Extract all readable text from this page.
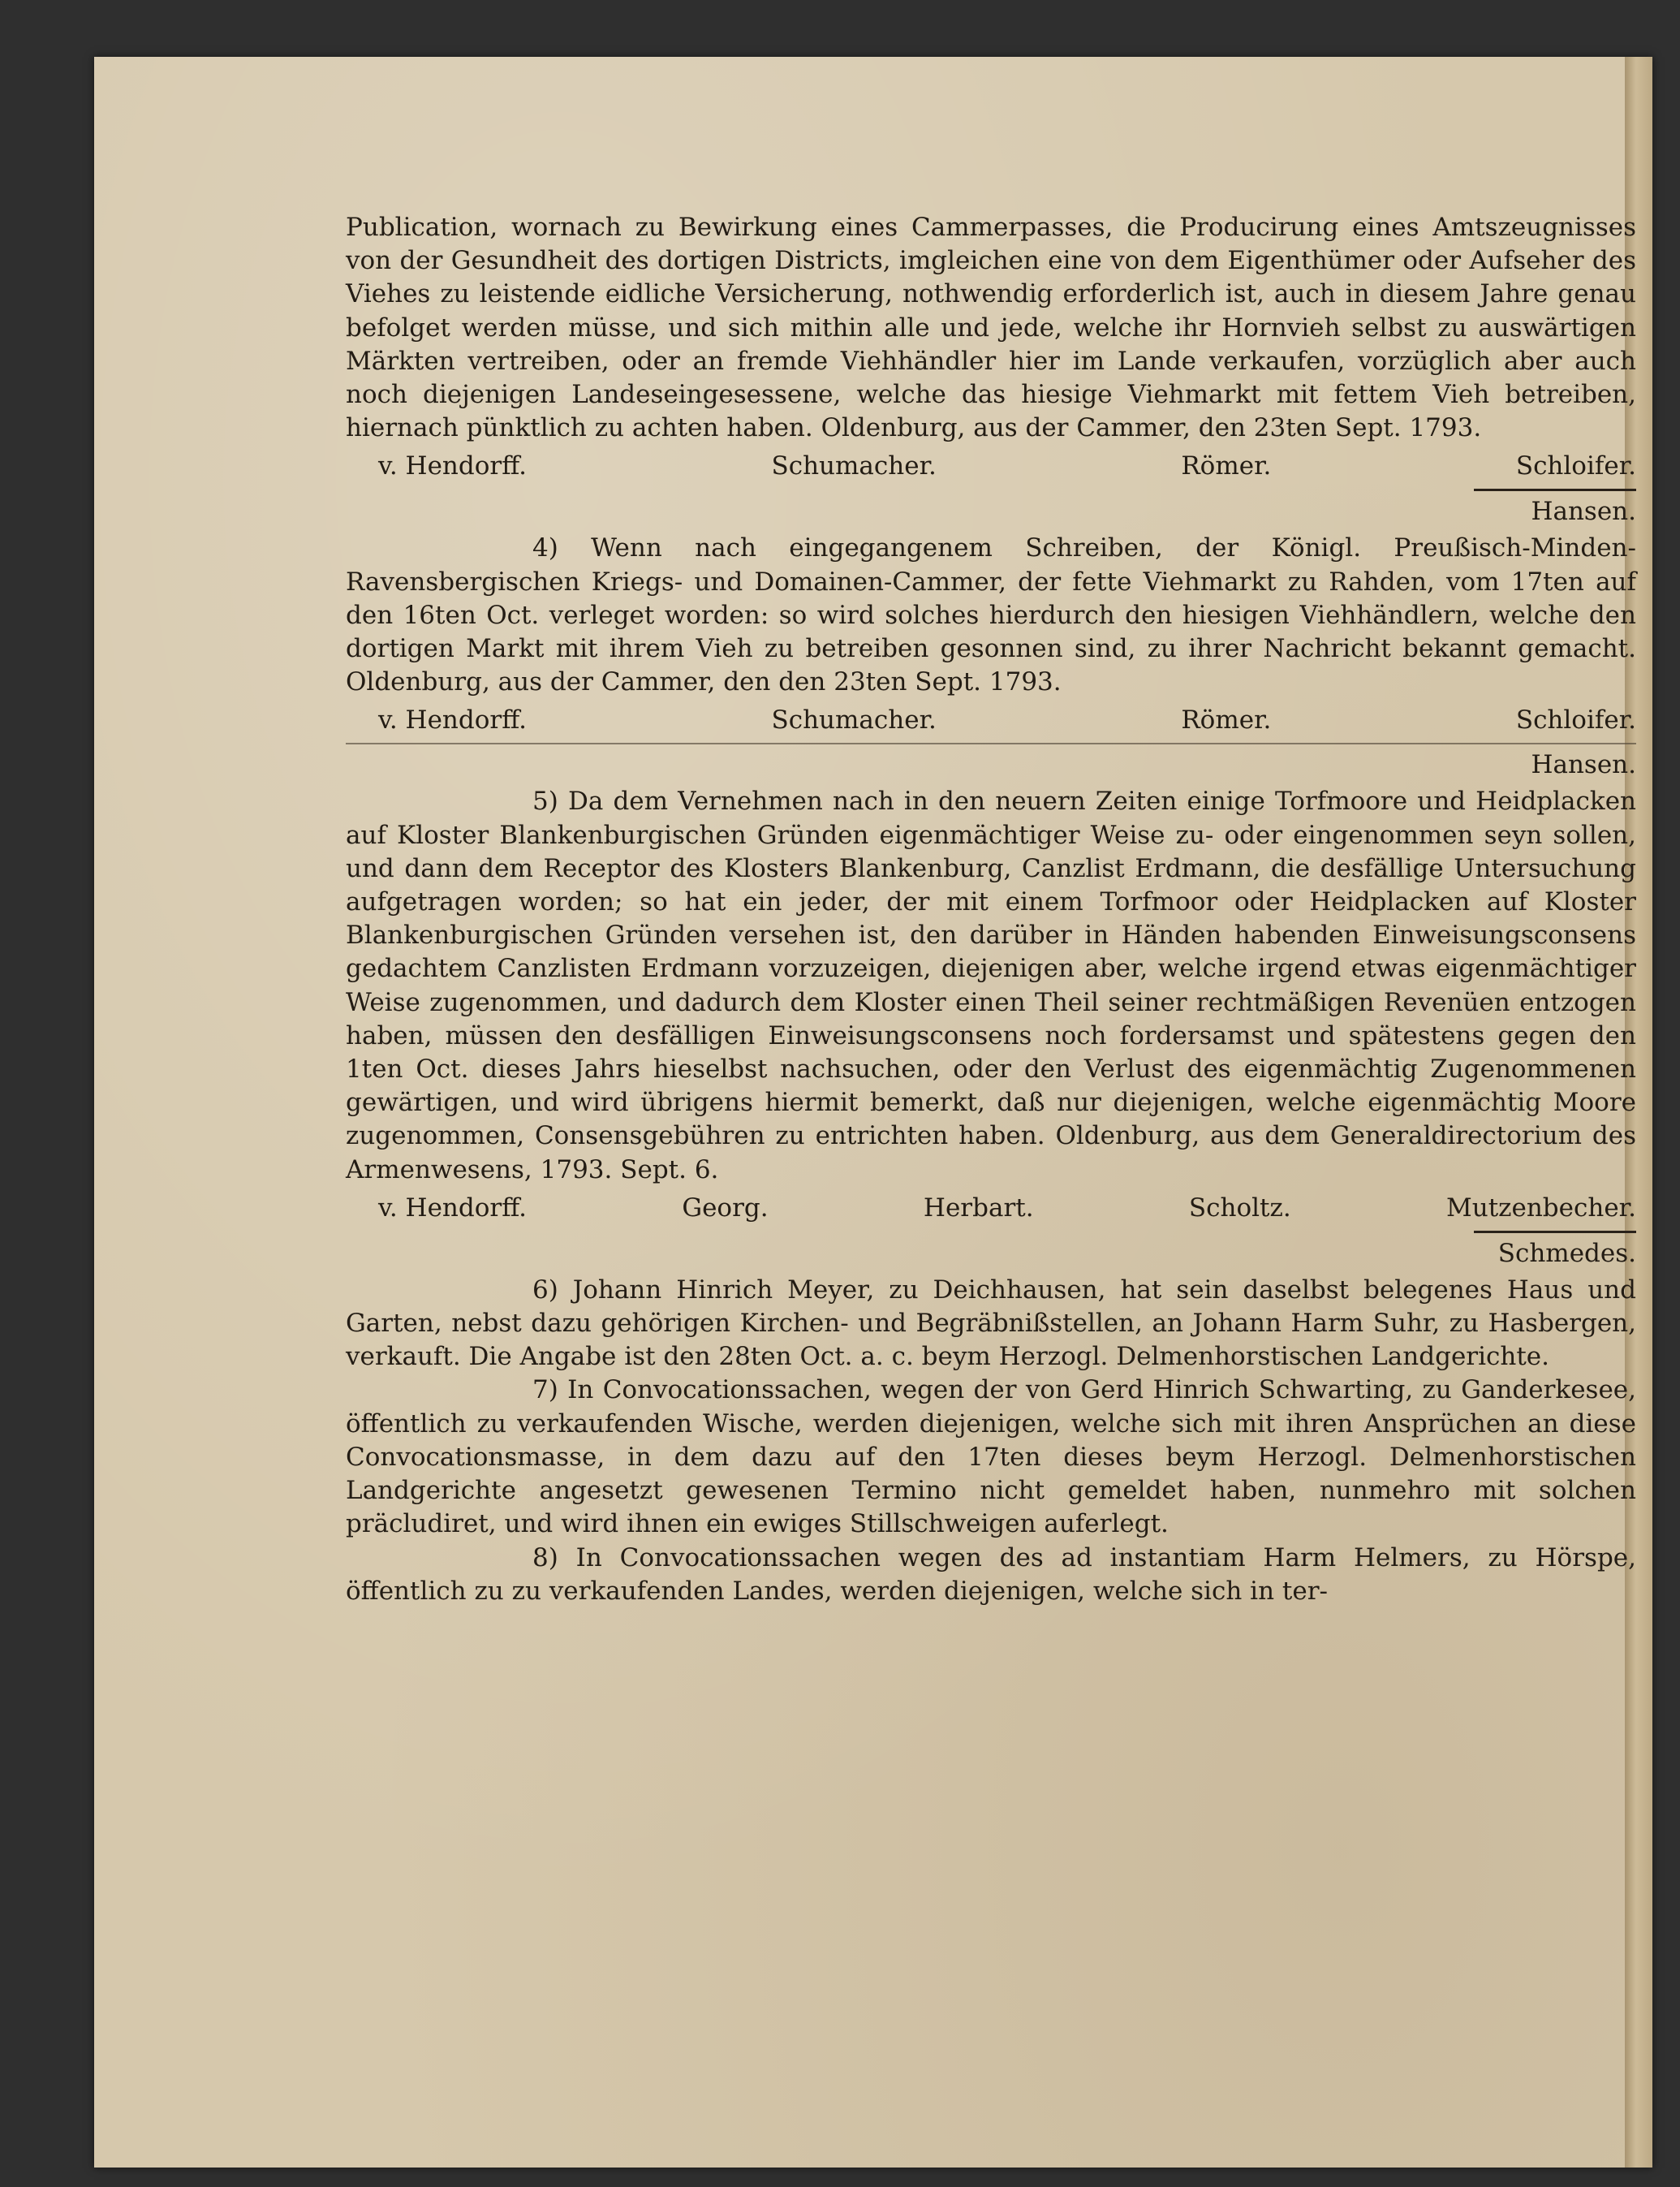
Publication, wornach zu Bewirkung eines Cammerpasses, die Producirung eines Amtszeugnisses von der Gesundheit des dortigen Districts, imgleichen eine von dem Eigenthümer oder Aufseher des Viehes zu leistende eidliche Versicherung, nothwendig erforderlich ist, auch in diesem Jahre genau befolget werden müsse, und sich mithin alle und jede, welche ihr Hornvieh selbst zu auswärtigen Märkten vertreiben, oder an fremde Viehhändler hier im Lande verkaufen, vorzüglich aber auch noch diejenigen Landeseingesessene, welche das hiesige Viehmarkt mit fettem Vieh betreiben, hiernach pünktlich zu achten haben. Oldenburg, aus der Cammer, den 23ten Sept. 1793.

v. Hendorff.	Schumacher.	Römer.	Schloifer.
Hansen.

4) Wenn nach eingegangenem Schreiben, der Königl. Preußisch-Minden-Ravensbergischen Kriegs- und Domainen-Cammer, der fette Viehmarkt zu Rahden, vom 17ten auf den 16ten Oct. verleget worden: so wird solches hierdurch den hiesigen Viehhändlern, welche den dortigen Markt mit ihrem Vieh zu betreiben gesonnen sind, zu ihrer Nachricht bekannt gemacht. Oldenburg, aus der Cammer, den den 23ten Sept. 1793.

v. Hendorff.	Schumacher.	Römer.	Schloifer.
Hansen.

5) Da dem Vernehmen nach in den neuern Zeiten einige Torfmoore und Heidplacken auf Kloster Blankenburgischen Gründen eigenmächtiger Weise zu- oder eingenommen seyn sollen, und dann dem Receptor des Klosters Blankenburg, Canzlist Erdmann, die desfällige Untersuchung aufgetragen worden; so hat ein jeder, der mit einem Torfmoor oder Heidplacken auf Kloster Blankenburgischen Gründen versehen ist, den darüber in Händen habenden Einweisungsconsens gedachtem Canzlisten Erdmann vorzuzeigen, diejenigen aber, welche irgend etwas eigenmächtiger Weise zugenommen, und dadurch dem Kloster einen Theil seiner rechtmäßigen Revenüen entzogen haben, müssen den desfälligen Einweisungsconsens noch fordersamst und spätestens gegen den 1ten Oct. dieses Jahrs hieselbst nachsuchen, oder den Verlust des eigenmächtig Zugenommenen gewärtigen, und wird übrigens hiermit bemerkt, daß nur diejenigen, welche eigenmächtig Moore zugenommen, Consensgebühren zu entrichten haben. Oldenburg, aus dem Generaldirectorium des Armenwesens, 1793. Sept. 6.

v. Hendorff.	Georg.	Herbart.	Scholtz.	Mutzenbecher.
Schmedes.

6) Johann Hinrich Meyer, zu Deichhausen, hat sein daselbst belegenes Haus und Garten, nebst dazu gehörigen Kirchen- und Begräbnißstellen, an Johann Harm Suhr, zu Hasbergen, verkauft. Die Angabe ist den 28ten Oct. a. c. beym Herzogl. Delmenhorstischen Landgerichte.

7) In Convocationssachen, wegen der von Gerd Hinrich Schwarting, zu Ganderkesee, öffentlich zu verkaufenden Wische, werden diejenigen, welche sich mit ihren Ansprüchen an diese Convocationsmasse, in dem dazu auf den 17ten dieses beym Herzogl. Delmenhorstischen Landgerichte angesetzt gewesenen Termino nicht gemeldet haben, nunmehro mit solchen präcludiret, und wird ihnen ein ewiges Stillschweigen auferlegt.

8) In Convocationssachen wegen des ad instantiam Harm Helmers, zu Hörspe, öffentlich zu zu verkaufenden Landes, werden diejenigen, welche sich in ter-
